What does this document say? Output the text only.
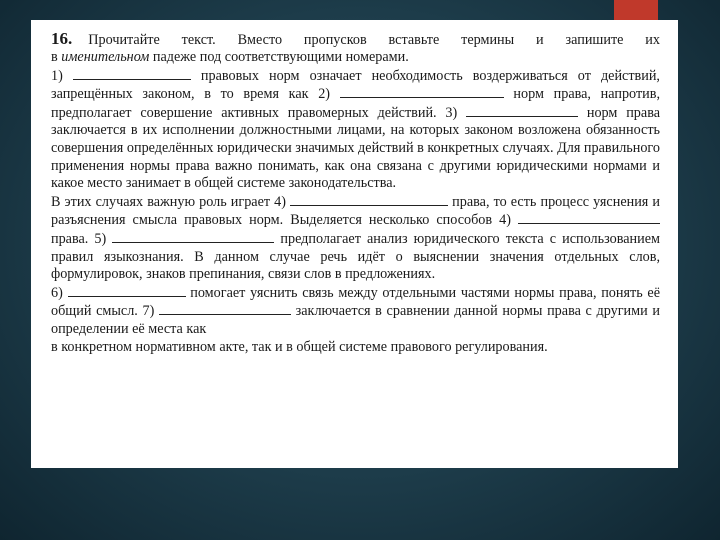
16. Прочитайте текст. Вместо пропусков вставьте термины и запишите их

в именительном падеже под соответствующими номерами.

1)	правовых норм означает необходимость воздерживаться от действий, запрещённых законом, в то время как 2)	норм права, напротив, предполагает совершение активных правомерных действий. 3)	норм права заключается в их исполнении должностными лицами, на которых законом возложена обязанность совершения определённых юридически значимых действий в конкретных случаях. Для правильного применения нормы права важно понимать, как она связана с другими юридическими нормами и какое место занимает в общей системе законодательства.

В этих случаях важную роль играет 4)	права, то есть процесс уяснения и разъяснения смысла правовых норм. Выделяется несколько способов 4)  права. 5)	предполагает анализ юридического текста с использованием правил языкознания. В данном случае речь идёт о выяснении значения отдельных слов, формулировок, знаков препинания, связи слов в предложениях.

6)	помогает уяснить связь между отдельными частями нормы права, понять её общий смысл. 7)	заключается в сравнении данной нормы права с другими и определении её места как

в конкретном нормативном акте, так и в общей системе правового регулирования.
